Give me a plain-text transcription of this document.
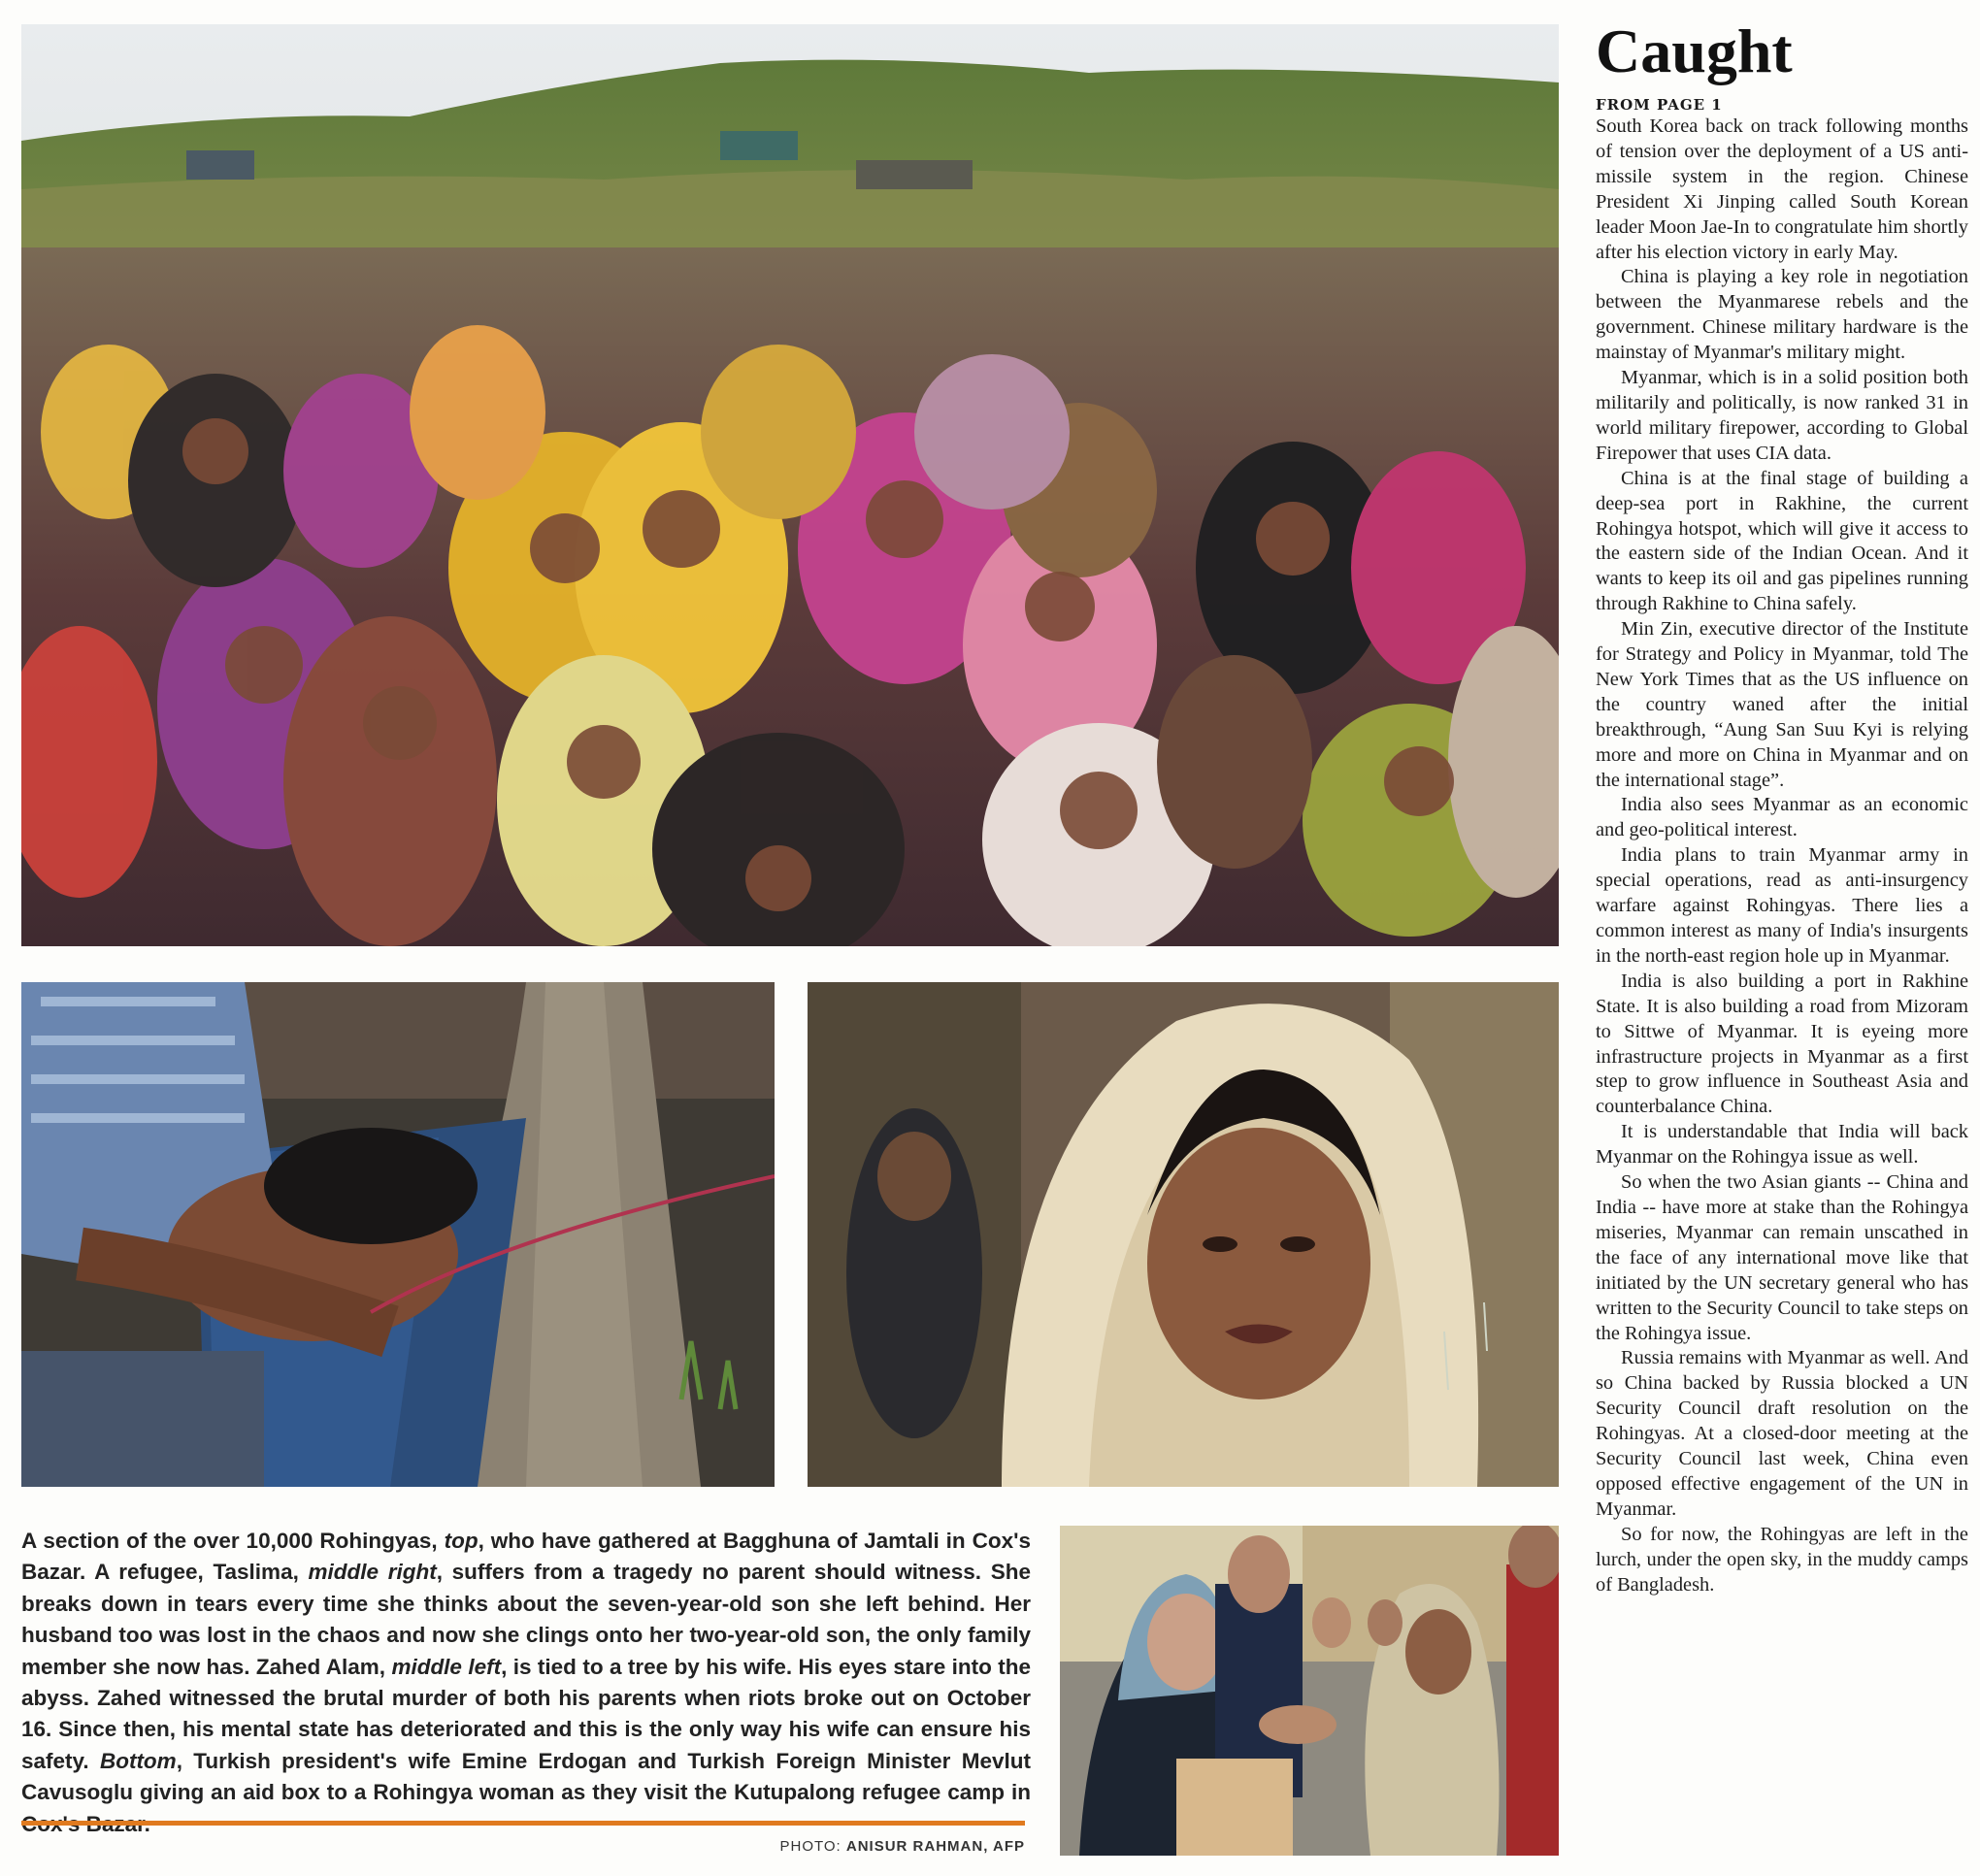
A section of the over 10,000 Rohingyas, top, who have gathered at Bagghuna of Jamtali in Cox's Bazar. A refugee, Taslima, middle right, suffers from a tragedy no parent should witness. She breaks down in tears every time she thinks about the seven-year-old son she left behind. Her husband too was lost in the chaos and now she clings onto her two-year-old son, the only family member she now has. Zahed Alam, middle left, is tied to a tree by his wife. His eyes stare into the abyss. Zahed witnessed the brutal murder of both his parents when riots broke out on October 16. Since then, his mental state has deteriorated and this is the only way his wife can ensure his safety. Bottom, Turkish president's wife Emine Erdogan and Turkish Foreign Minister Mevlut Cavusoglu giving an aid box to a Rohingya woman as they visit the Kutupalong refugee camp in

PHOTO: ANISUR RAHMAN, AFP
Caught
FROM PAGE 1

South Korea back on track following months of tension over the deployment of a US anti-missile system in the region. Chinese President Xi Jinping called South Korean leader Moon Jae-In to congratulate him shortly after his election victory in early May.

China is playing a key role in negotiation between the Myanmarese rebels and the government. Chinese military hardware is the mainstay of Myanmar's military might.

Myanmar, which is in a solid position both militarily and politically, is now ranked 31 in world military firepower, according to Global Firepower that uses CIA data.

China is at the final stage of building a deep-sea port in Rakhine, the current Rohingya hotspot, which will give it access to the eastern side of the Indian Ocean. And it wants to keep its oil and gas pipelines running through Rakhine to China safely.

Min Zin, executive director of the Institute for Strategy and Policy in Myanmar, told The New York Times that as the US influence on the country waned after the initial breakthrough, “Aung San Suu Kyi is relying more and more on China in Myanmar and on the international stage”.

India also sees Myanmar as an economic and geo-political interest.

India plans to train Myanmar army in special operations, read as anti-insurgency warfare against Rohingyas. There lies a common interest as many of India's insurgents in the north-east region hole up in Myanmar.

India is also building a port in Rakhine State. It is also building a road from Mizoram to Sittwe of Myanmar. It is eyeing more infrastructure projects in Myanmar as a first step to grow influence in Southeast Asia and counterbalance China.

It is understandable that India will back Myanmar on the Rohingya issue as well.

So when the two Asian giants -- China and India -- have more at stake than the Rohingya miseries, Myanmar can remain unscathed in the face of any international move like that initiated by the UN secretary general who has written to the Security Council to take steps on the Rohingya issue.

Russia remains with Myanmar as well. And so China backed by Russia blocked a UN Security Council draft resolution on the Rohingyas. At a closed-door meeting at the Security Council last week, China even opposed effective engagement of the UN in Myanmar.

So for now, the Rohingyas are left in the lurch, under the open sky, in the muddy camps of Bangladesh.
